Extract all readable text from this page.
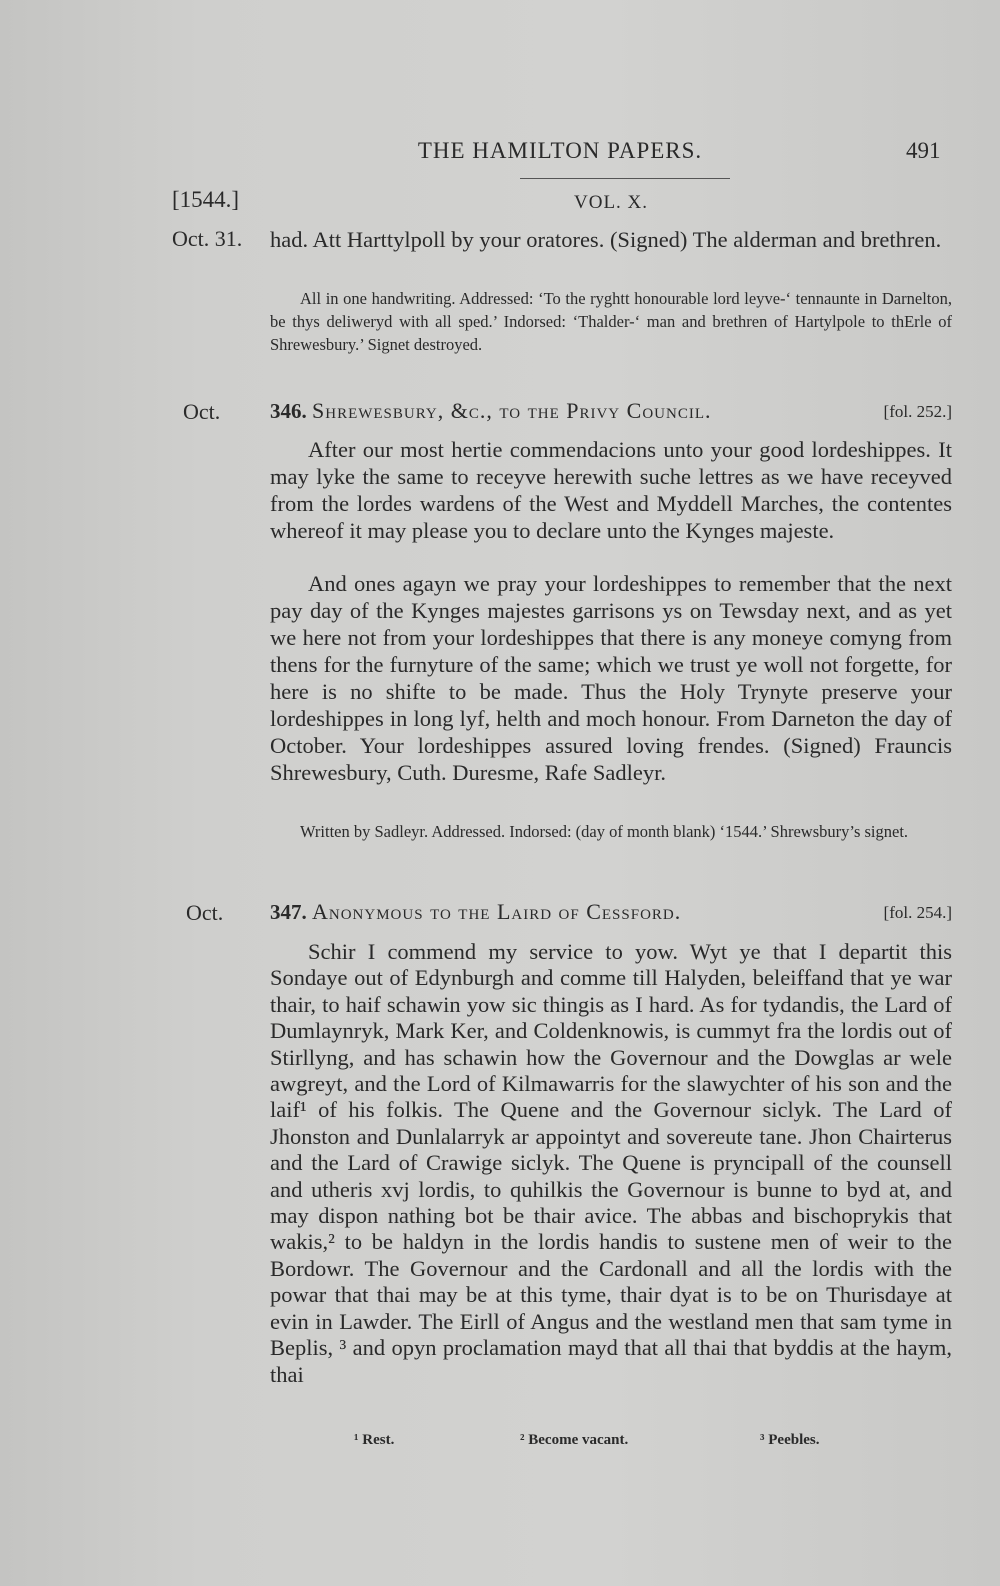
THE HAMILTON PAPERS.	491
[1544.]	VOL. X.
Oct. 31. had. Att Harttylpoll by your oratores. (Signed) The alderman and brethren.

All in one handwriting. Addressed: ‘To the ryghtt honourable lord leyve-‘ tennaunte in Darnelton, be thys deliweryd with all sped.’ Indorsed: ‘Thalder-‘ man and brethren of Hartylpole to thErle of Shrewesbury.’ Signet destroyed.

Oct. 346. Shrewesbury, &c., to the Privy Council.	[fol. 252.]

After our most hertie commendacions unto your good lordeshippes. It may lyke the same to receyve herewith suche lettres as we have receyved from the lordes wardens of the West and Myddell Marches, the contentes whereof it may please you to declare unto the Kynges majeste.

And ones agayn we pray your lordeshippes to remember that the next pay day of the Kynges majestes garrisons ys on Tewsday next, and as yet we here not from your lordeshippes that there is any moneye comyng from thens for the furnyture of the same; which we trust ye woll not forgette, for here is no shifte to be made. Thus the Holy Trynyte preserve your lordeshippes in long lyf, helth and moch honour. From Darneton the day of October. Your lordeshippes assured loving frendes. (Signed) Frauncis Shrewesbury, Cuth. Duresme, Rafe Sadleyr.

Written by Sadleyr. Addressed. Indorsed: (day of month blank) ‘1544.’ Shrewsbury’s signet.

Oct. 347. Anonymous to the Laird of Cessford.	[fol. 254.]

Schir I commend my service to yow. Wyt ye that I departit this Sondaye out of Edynburgh and comme till Halyden, beleiffand that ye war thair, to haif schawin yow sic thingis as I hard. As for tydandis, the Lard of Dumlaynryk, Mark Ker, and Coldenknowis, is cummyt fra the lordis out of Stirllyng, and has schawin how the Governour and the Dowglas ar wele awgreyt, and the Lord of Kilmawarris for the slawychter of his son and the laif¹ of his folkis. The Quene and the Governour siclyk. The Lard of Jhonston and Dunlalarryk ar appointyt and sovereute tane. Jhon Chairterus and the Lard of Crawige siclyk. The Quene is pryncipall of the counsell and utheris xvj lordis, to quhilkis the Governour is bunne to byd at, and may dispon nathing bot be thair avice. The abbas and bischoprykis that wakis,² to be haldyn in the lordis handis to sustene men of weir to the Bordowr. The Governour and the Cardonall and all the lordis with the powar that thai may be at this tyme, thair dyat is to be on Thurisdaye at evin in Lawder. The Eirll of Angus and the westland men that sam tyme in Beplis, ³ and opyn proclamation mayd that all thai that byddis at the haym, thai

¹ Rest.	² Become vacant.	³ Peebles.
